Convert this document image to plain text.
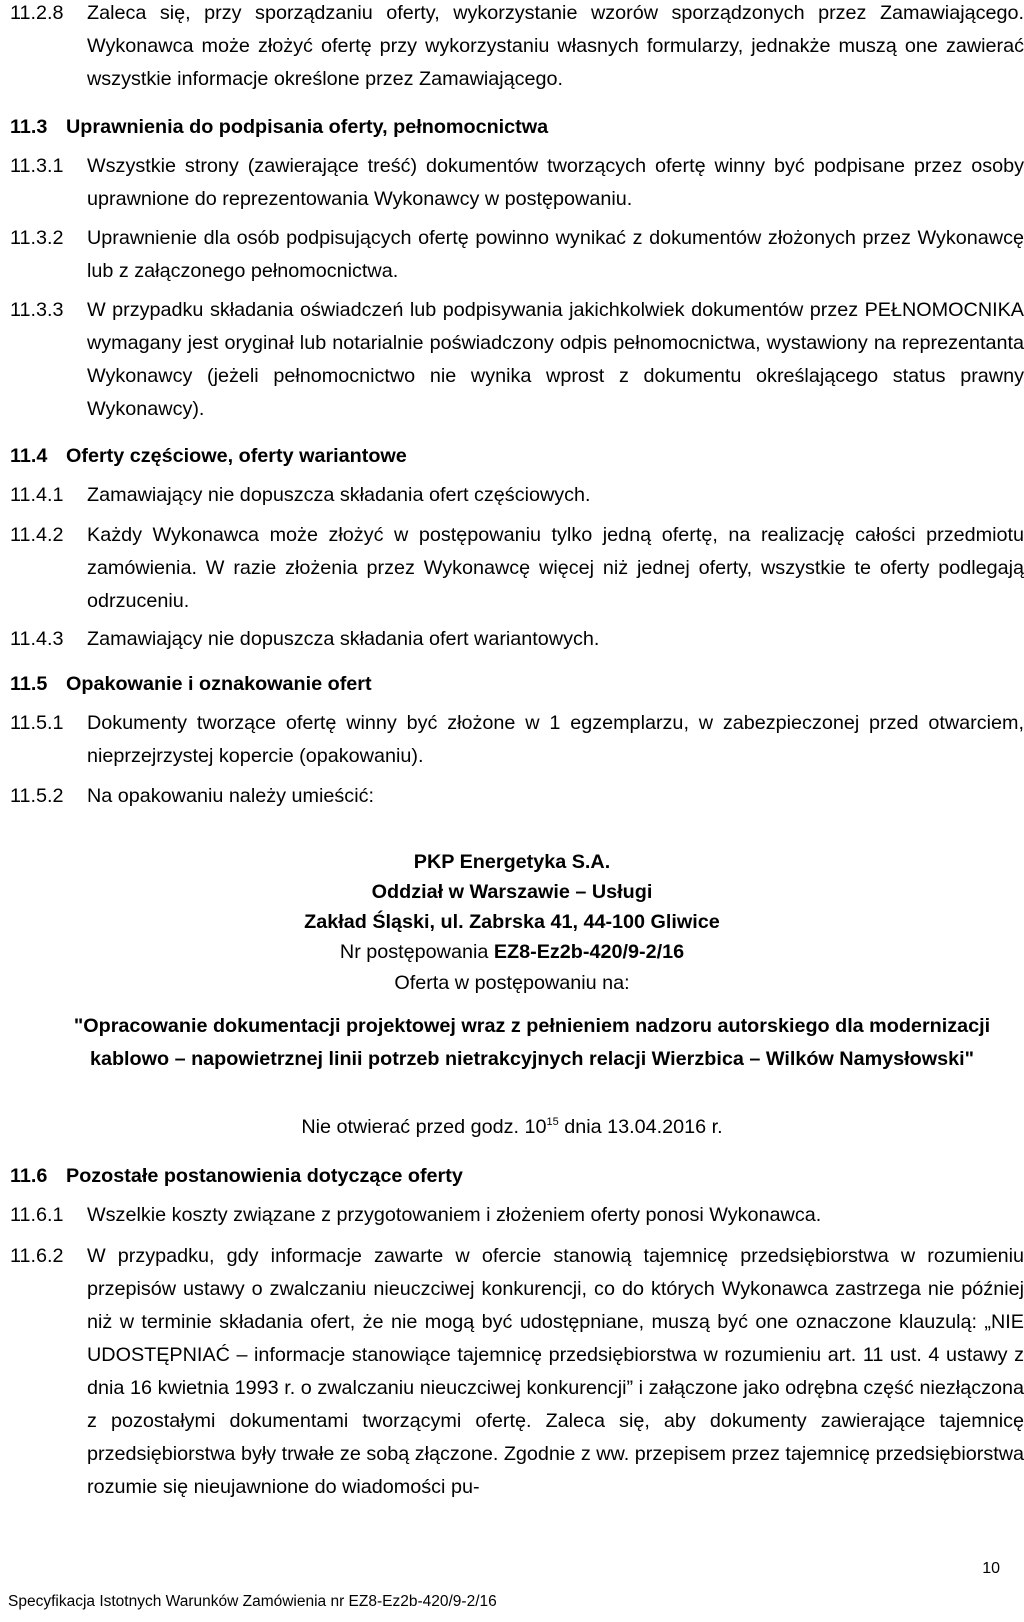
11.2.8 Zaleca się, przy sporządzaniu oferty, wykorzystanie wzorów sporządzonych przez Zamawiającego. Wykonawca może złożyć ofertę przy wykorzystaniu własnych formularzy, jednakże muszą one zawierać wszystkie informacje określone przez Zamawiającego.
11.3 Uprawnienia do podpisania oferty, pełnomocnictwa
11.3.1 Wszystkie strony (zawierające treść) dokumentów tworzących ofertę winny być podpisane przez osoby uprawnione do reprezentowania Wykonawcy w postępowaniu.
11.3.2 Uprawnienie dla osób podpisujących ofertę powinno wynikać z dokumentów złożonych przez Wykonawcę lub z załączonego pełnomocnictwa.
11.3.3 W przypadku składania oświadczeń lub podpisywania jakichkolwiek dokumentów przez PEŁNOMOCNIKA wymagany jest oryginał lub notarialnie poświadczony odpis pełnomocnictwa, wystawiony na reprezentanta Wykonawcy (jeżeli pełnomocnictwo nie wynika wprost z dokumentu określającego status prawny Wykonawcy).
11.4 Oferty częściowe, oferty wariantowe
11.4.1 Zamawiający nie dopuszcza składania ofert częściowych.
11.4.2 Każdy Wykonawca może złożyć w postępowaniu tylko jedną ofertę, na realizację całości przedmiotu zamówienia. W razie złożenia przez Wykonawcę więcej niż jednej oferty, wszystkie te oferty podlegają odrzuceniu.
11.4.3 Zamawiający nie dopuszcza składania ofert wariantowych.
11.5 Opakowanie i oznakowanie ofert
11.5.1 Dokumenty tworzące ofertę winny być złożone w 1 egzemplarzu, w zabezpieczonej przed otwarciem, nieprzejrzystej kopercie (opakowaniu).
11.5.2 Na opakowaniu należy umieścić:
PKP Energetyka S.A.
Oddział w Warszawie – Usługi
Zakład Śląski, ul. Zabrska 41, 44-100 Gliwice
Nr postępowania EZ8-Ez2b-420/9-2/16
Oferta w postępowaniu na:
"Opracowanie dokumentacji projektowej wraz z pełnieniem nadzoru autorskiego dla modernizacji kablowo – napowietrznej linii potrzeb nietrakcyjnych relacji Wierzbica – Wilków Namysłowski"
Nie otwierać przed godz. $10^{15}$ dnia 13.04.2016 r.
11.6 Pozostałe postanowienia dotyczące oferty
11.6.1 Wszelkie koszty związane z przygotowaniem i złożeniem oferty ponosi Wykonawca.
11.6.2 W przypadku, gdy informacje zawarte w ofercie stanowią tajemnicę przedsiębiorstwa w rozumieniu przepisów ustawy o zwalczaniu nieuczciwej konkurencji, co do których Wykonawca zastrzega nie później niż w terminie składania ofert, że nie mogą być udostępniane, muszą być one oznaczone klauzulą: „NIE UDOSTĘPNIAĆ – informacje stanowiące tajemnicę przedsiębiorstwa w rozumieniu art. 11 ust. 4 ustawy z dnia 16 kwietnia 1993 r. o zwalczaniu nieuczciwej konkurencji” i załączone jako odrębna część niezłączona z pozostałymi dokumentami tworzącymi ofertę. Zaleca się, aby dokumenty zawierające tajemnicę przedsiębiorstwa były trwałe ze sobą złączone. Zgodnie z ww. przepisem przez tajemnicę przedsiębiorstwa rozumie się nieujawnione do wiadomości pu-
10
Specyfikacja Istotnych Warunków Zamówienia nr EZ8-Ez2b-420/9-2/16
